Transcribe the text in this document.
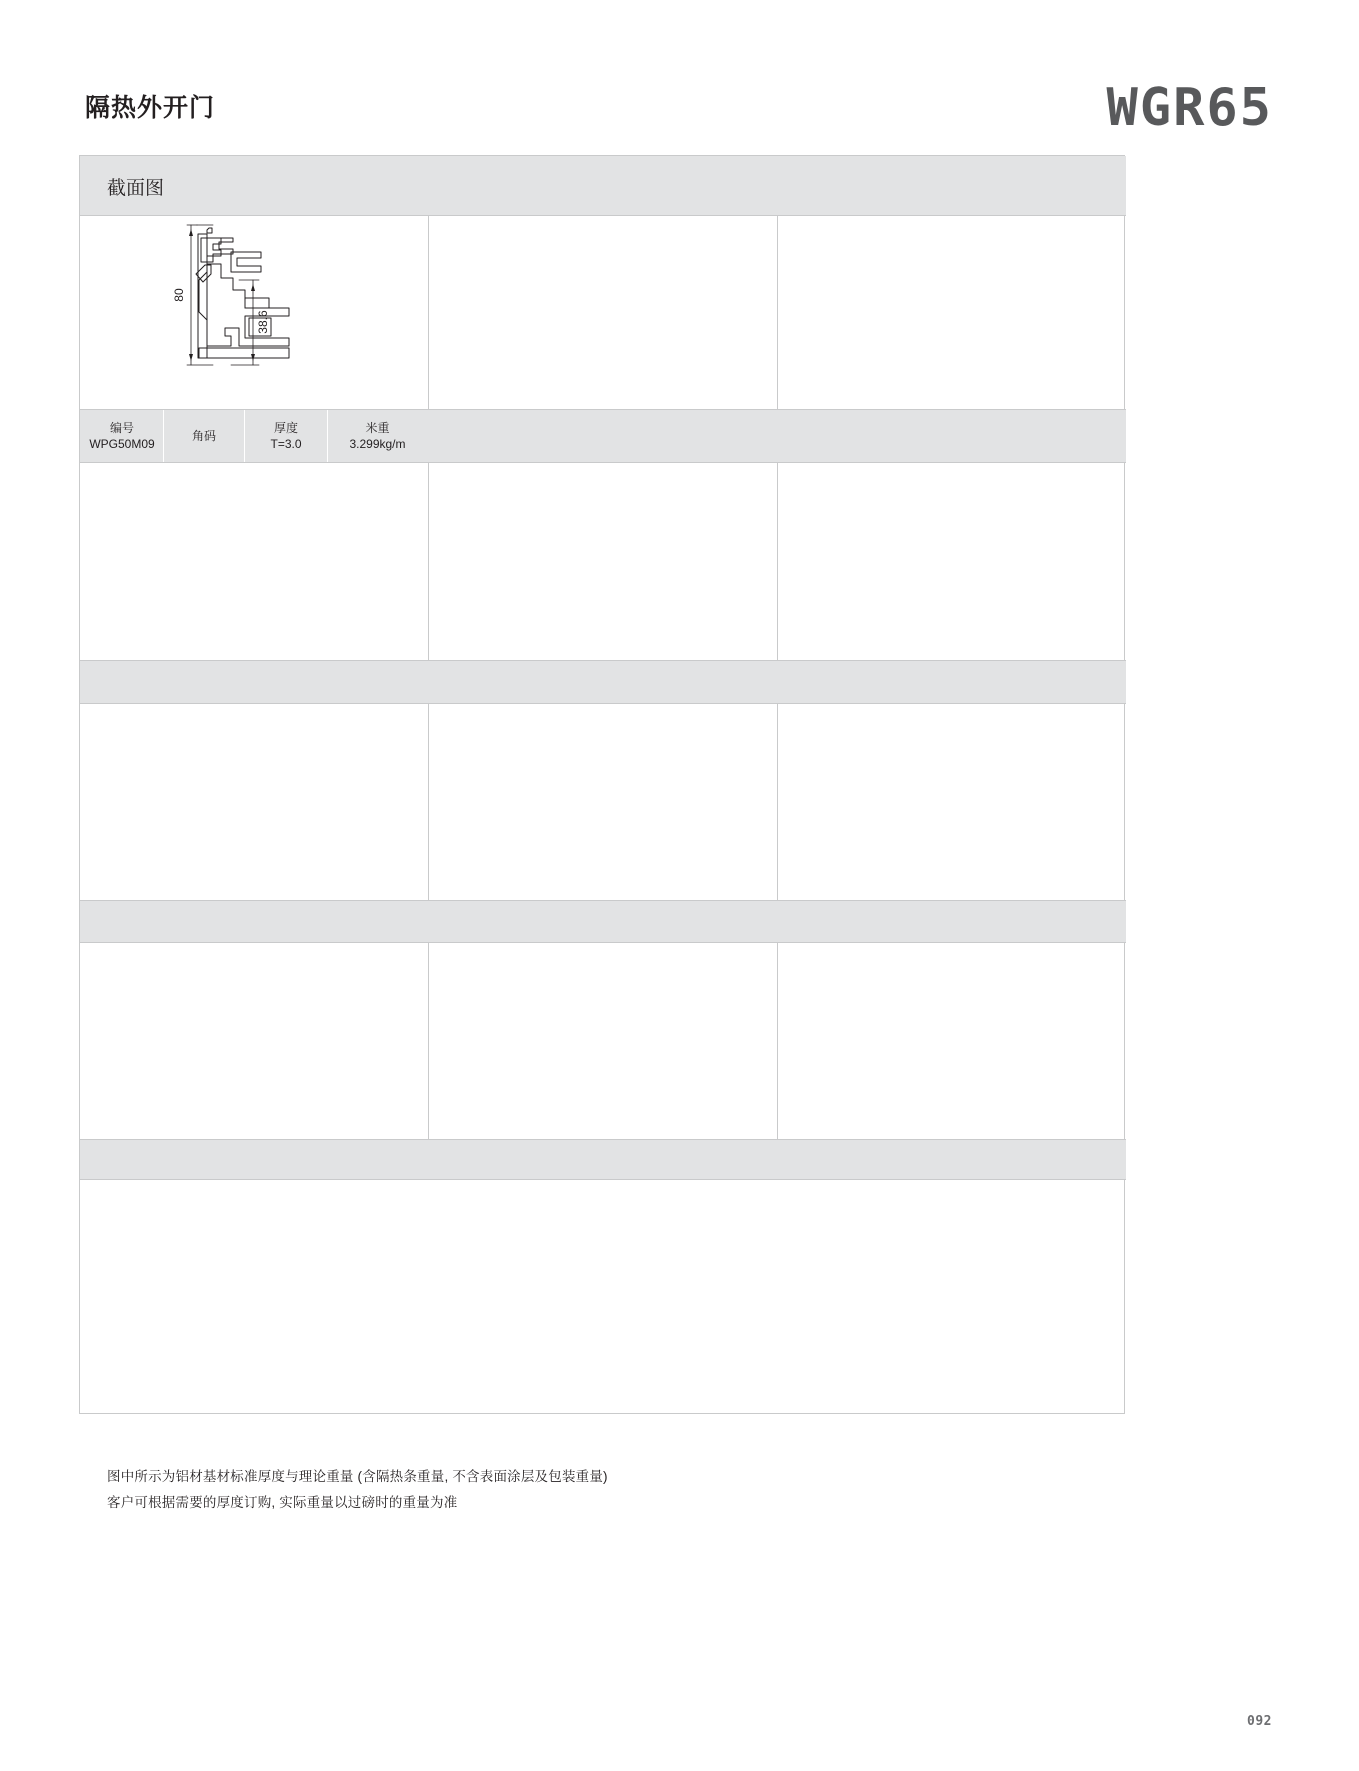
隔热外开门	WGR65
截面图
80
38.6
编号
WPG50M09
角码
厚度
T=3.0
米重
3.299kg/m
图中所示为铝材基材标准厚度与理论重量 (含隔热条重量, 不含表面涂层及包装重量)
客户可根据需要的厚度订购, 实际重量以过磅时的重量为准
092
